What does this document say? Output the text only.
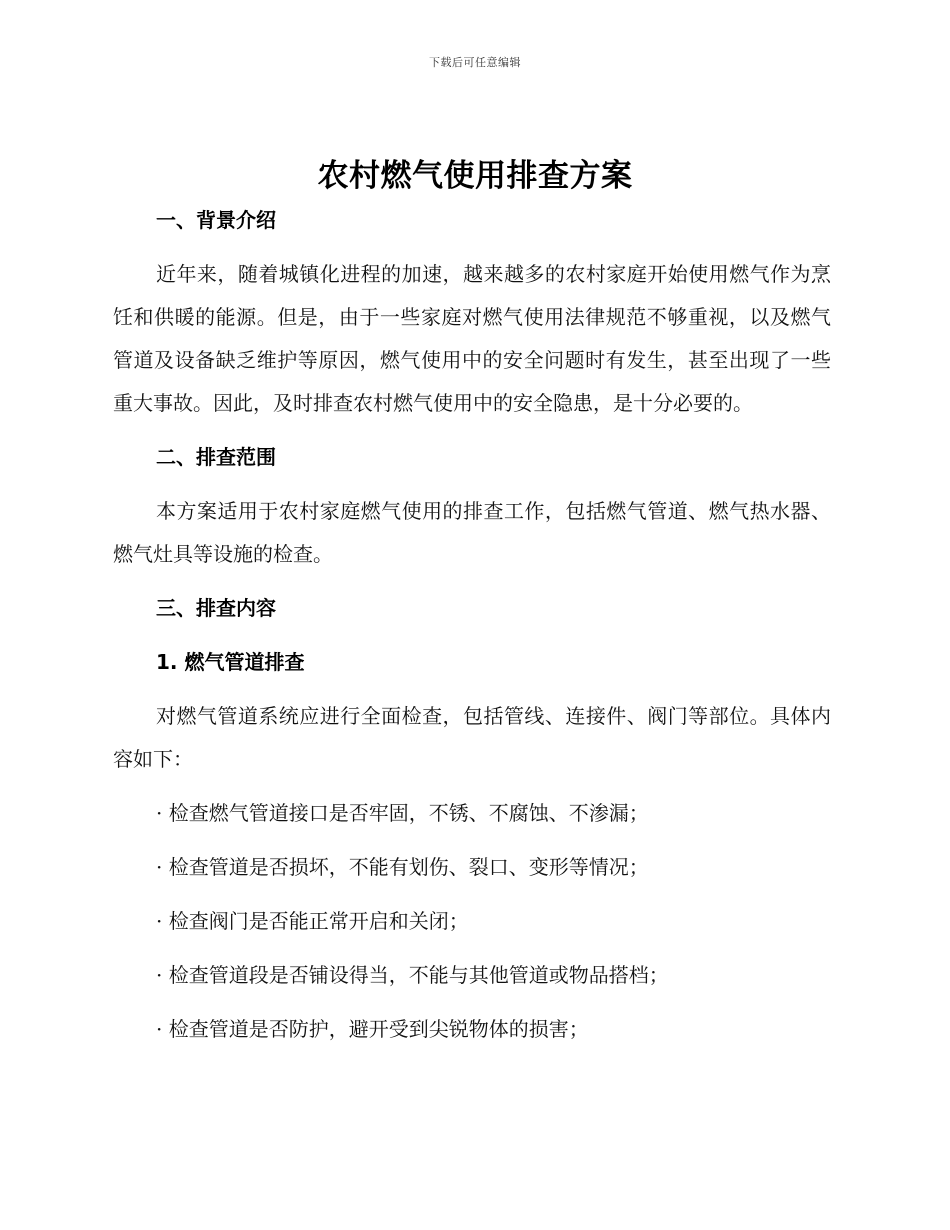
下载后可任意编辑
农村燃气使用排查方案
一、背景介绍

近年来，随着城镇化进程的加速，越来越多的农村家庭开始使用燃气作为烹饪和供暖的能源。但是，由于一些家庭对燃气使用法律规范不够重视，以及燃气管道及设备缺乏维护等原因，燃气使用中的安全问题时有发生，甚至出现了一些重大事故。因此，及时排查农村燃气使用中的安全隐患，是十分必要的。

二、排查范围

本方案适用于农村家庭燃气使用的排查工作，包括燃气管道、燃气热水器、燃气灶具等设施的检查。

三、排查内容
1. 燃气管道排查

对燃气管道系统应进行全面检查，包括管线、连接件、阀门等部位。具体内容如下：

· 检查燃气管道接口是否牢固，不锈、不腐蚀、不渗漏；
· 检查管道是否损坏，不能有划伤、裂口、变形等情况；
· 检查阀门是否能正常开启和关闭；
· 检查管道段是否铺设得当，不能与其他管道或物品搭档；
· 检查管道是否防护，避开受到尖锐物体的损害；
